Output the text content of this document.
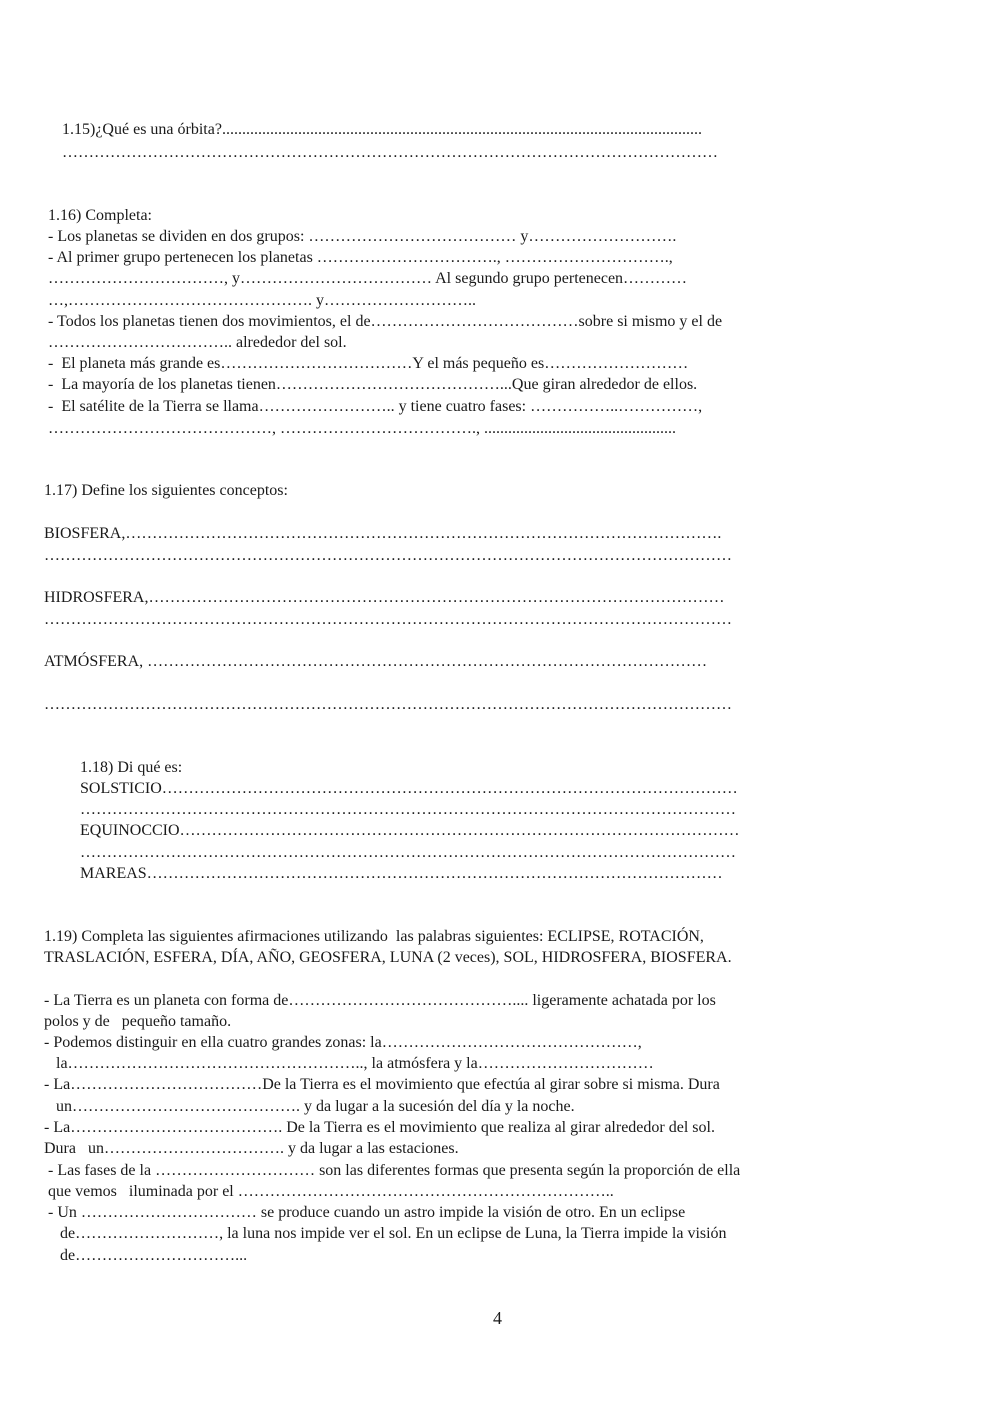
1.15)¿Qué es una órbita?........................................................................................................................
……………………………………………………………………………………………………………
1.16) Completa:
- Los planetas se dividen en dos grupos: ………………………………… y……………………….
- Al primer grupo pertenecen los planetas ……………………………., ………………………….,
……………………………, y……………………………… Al segundo grupo pertenecen…………
…,………………………………………. y………………………..
- Todos los planetas tienen dos movimientos, el de…………………………………sobre si mismo y el de
…………………………….. alrededor del sol.
-  El planeta más grande es………………………………Y el más pequeño es………………………
-  La mayoría de los planetas tienen……………………………………...Que giran alrededor de ellos.
-  El satélite de la Tierra se llama…………………….. y tiene cuatro fases: ……………..……………,
……………………………………, ………………………………., ................................................
1.17) Define los siguientes conceptos:
BIOSFERA,………………………………………………………………………………………………….
…………………………………………………………………………………………………………………
HIDROSFERA,………………………………………………………………………………………………
…………………………………………………………………………………………………………………
ATMÓSFERA, ……………………………………………………………………………………………
…………………………………………………………………………………………………………………
1.18) Di qué es:
SOLSTICIO………………………………………………………………………………………………
……………………………………………………………………………………………………………
EQUINOCCIO……………………………………………………………………………………………
……………………………………………………………………………………………………………
MAREAS………………………………………………………………………………………………
1.19) Completa las siguientes afirmaciones utilizando  las palabras siguientes: ECLIPSE, ROTACIÓN,
TRASLACIÓN, ESFERA, DÍA, AÑO, GEOSFERA, LUNA (2 veces), SOL, HIDROSFERA, BIOSFERA.
- La Tierra es un planeta con forma de…………………………………….... ligeramente achatada por los
polos y de   pequeño tamaño.
- Podemos distinguir en ella cuatro grandes zonas: la…………………………………………,
la……………………………………………….., la atmósfera y la……………………………
- La………………………………De la Tierra es el movimiento que efectúa al girar sobre si misma. Dura
un……………………………………. y da lugar a la sucesión del día y la noche.
- La…………………………………. De la Tierra es el movimiento que realiza al girar alrededor del sol.
Dura   un……………………………. y da lugar a las estaciones.
- Las fases de la ………………………… son las diferentes formas que presenta según la proporción de ella
que vemos   iluminada por el ……………………………………………………………..
- Un …………………………… se produce cuando un astro impide la visión de otro. En un eclipse
de………………………, la luna nos impide ver el sol. En un eclipse de Luna, la Tierra impide la visión
de…………………………...
4
